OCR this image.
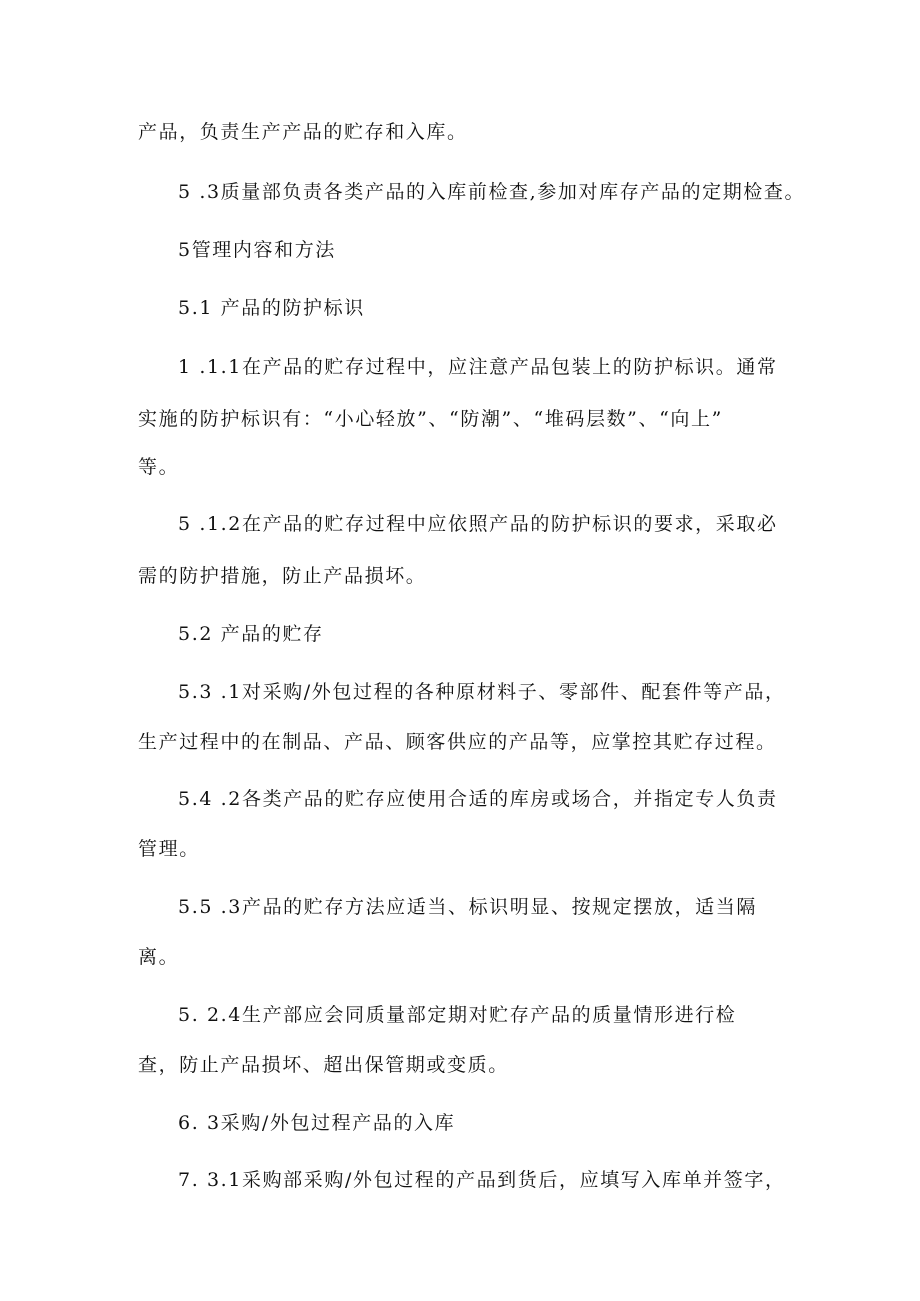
产品，负责生产产品的贮存和入库。
5 .3质量部负责各类产品的入库前检查,参加对库存产品的定期检查。
5管理内容和方法
5.1 产品的防护标识
1 .1.1在产品的贮存过程中，应注意产品包装上的防护标识。通常
实施的防护标识有：“小心轻放”、“防潮”、“堆码层数”、“向上”
等。
5 .1.2在产品的贮存过程中应依照产品的防护标识的要求，采取必
需的防护措施，防止产品损坏。
5.2 产品的贮存
5.3 .1对采购/外包过程的各种原材料子、零部件、配套件等产品，
生产过程中的在制品、产品、顾客供应的产品等，应掌控其贮存过程。
5.4 .2各类产品的贮存应使用合适的库房或场合，并指定专人负责
管理。
5.5 .3产品的贮存方法应适当、标识明显、按规定摆放，适当隔
离。
5. 2.4生产部应会同质量部定期对贮存产品的质量情形进行检
查，防止产品损坏、超出保管期或变质。
6. 3采购/外包过程产品的入库
7. 3.1采购部采购/外包过程的产品到货后，应填写入库单并签字，
